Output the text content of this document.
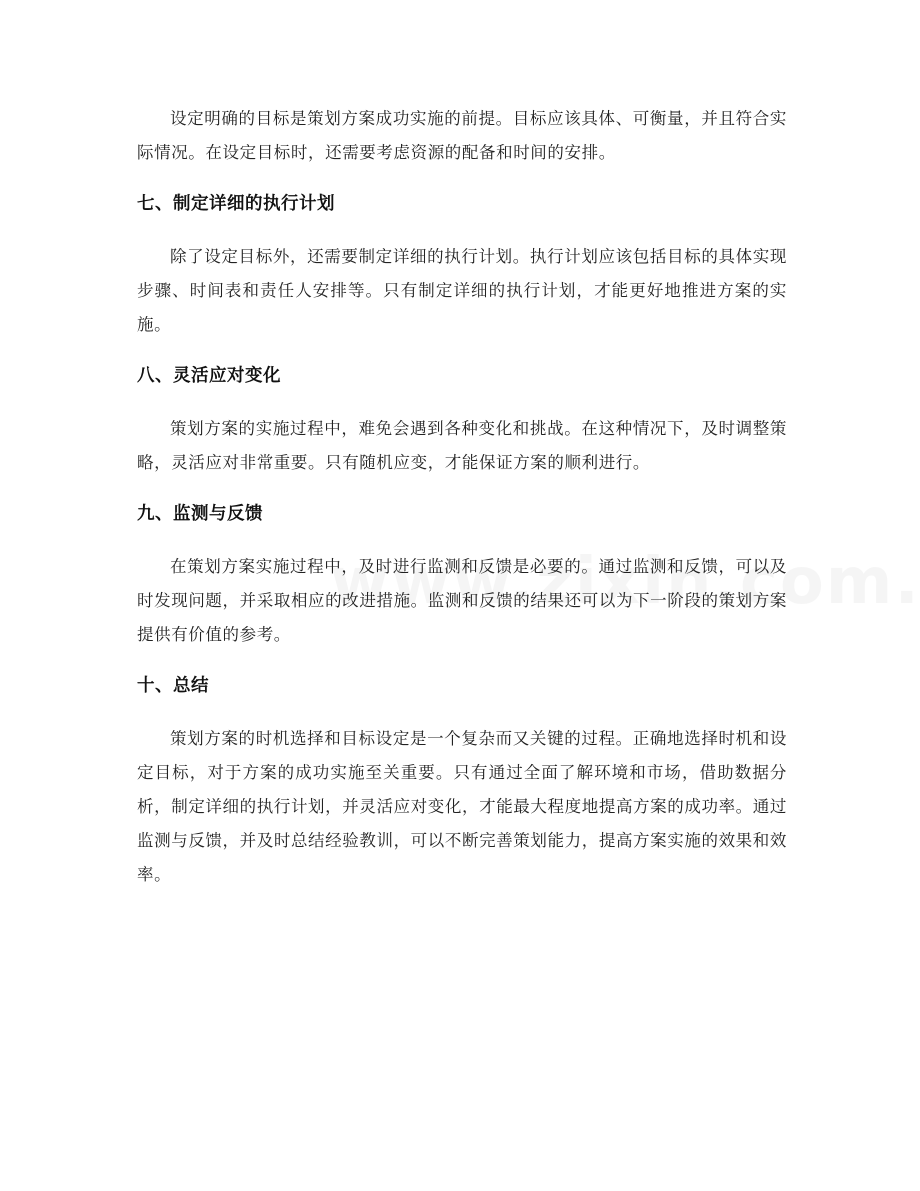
设定明确的目标是策划方案成功实施的前提。目标应该具体、可衡量，并且符合实际情况。在设定目标时，还需要考虑资源的配备和时间的安排。

七、制定详细的执行计划

除了设定目标外，还需要制定详细的执行计划。执行计划应该包括目标的具体实现步骤、时间表和责任人安排等。只有制定详细的执行计划，才能更好地推进方案的实施。

八、灵活应对变化

策划方案的实施过程中，难免会遇到各种变化和挑战。在这种情况下，及时调整策略，灵活应对非常重要。只有随机应变，才能保证方案的顺利进行。

九、监测与反馈

在策划方案实施过程中，及时进行监测和反馈是必要的。通过监测和反馈，可以及时发现问题，并采取相应的改进措施。监测和反馈的结果还可以为下一阶段的策划方案提供有价值的参考。

十、总结

策划方案的时机选择和目标设定是一个复杂而又关键的过程。正确地选择时机和设定目标，对于方案的成功实施至关重要。只有通过全面了解环境和市场，借助数据分析，制定详细的执行计划，并灵活应对变化，才能最大程度地提高方案的成功率。通过监测与反馈，并及时总结经验教训，可以不断完善策划能力，提高方案实施的效果和效率。
